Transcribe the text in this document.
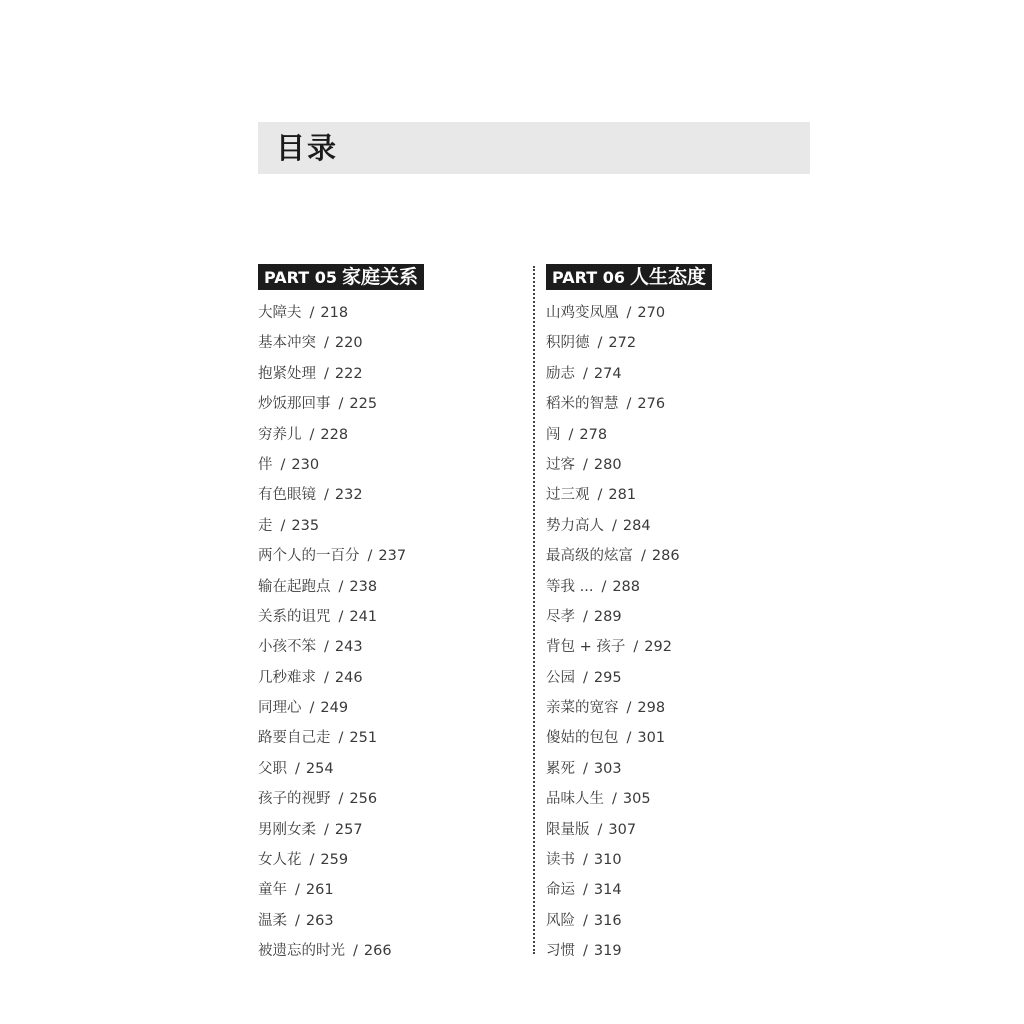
目录
PART 05 家庭关系
大障夫 / 218
基本冲突 / 220
抱紧处理 / 222
炒饭那回事 / 225
穷养儿 / 228
伴 / 230
有色眼镜 / 232
走 / 235
两个人的一百分 / 237
输在起跑点 / 238
关系的诅咒 / 241
小孩不笨 / 243
几秒难求 / 246
同理心 / 249
路要自己走 / 251
父职 / 254
孩子的视野 / 256
男刚女柔 / 257
女人花 / 259
童年 / 261
温柔 / 263
被遗忘的时光 / 266
PART 06 人生态度
山鸡变凤凰 / 270
积阴德 / 272
励志 / 274
稻米的智慧 / 276
闯 / 278
过客 / 280
过三观 / 281
势力高人 / 284
最高级的炫富 / 286
等我 ... / 288
尽孝 / 289
背包 + 孩子 / 292
公园 / 295
亲菜的宽容 / 298
傻姑的包包 / 301
累死 / 303
品味人生 / 305
限量版 / 307
读书 / 310
命运 / 314
风险 / 316
习惯 / 319
